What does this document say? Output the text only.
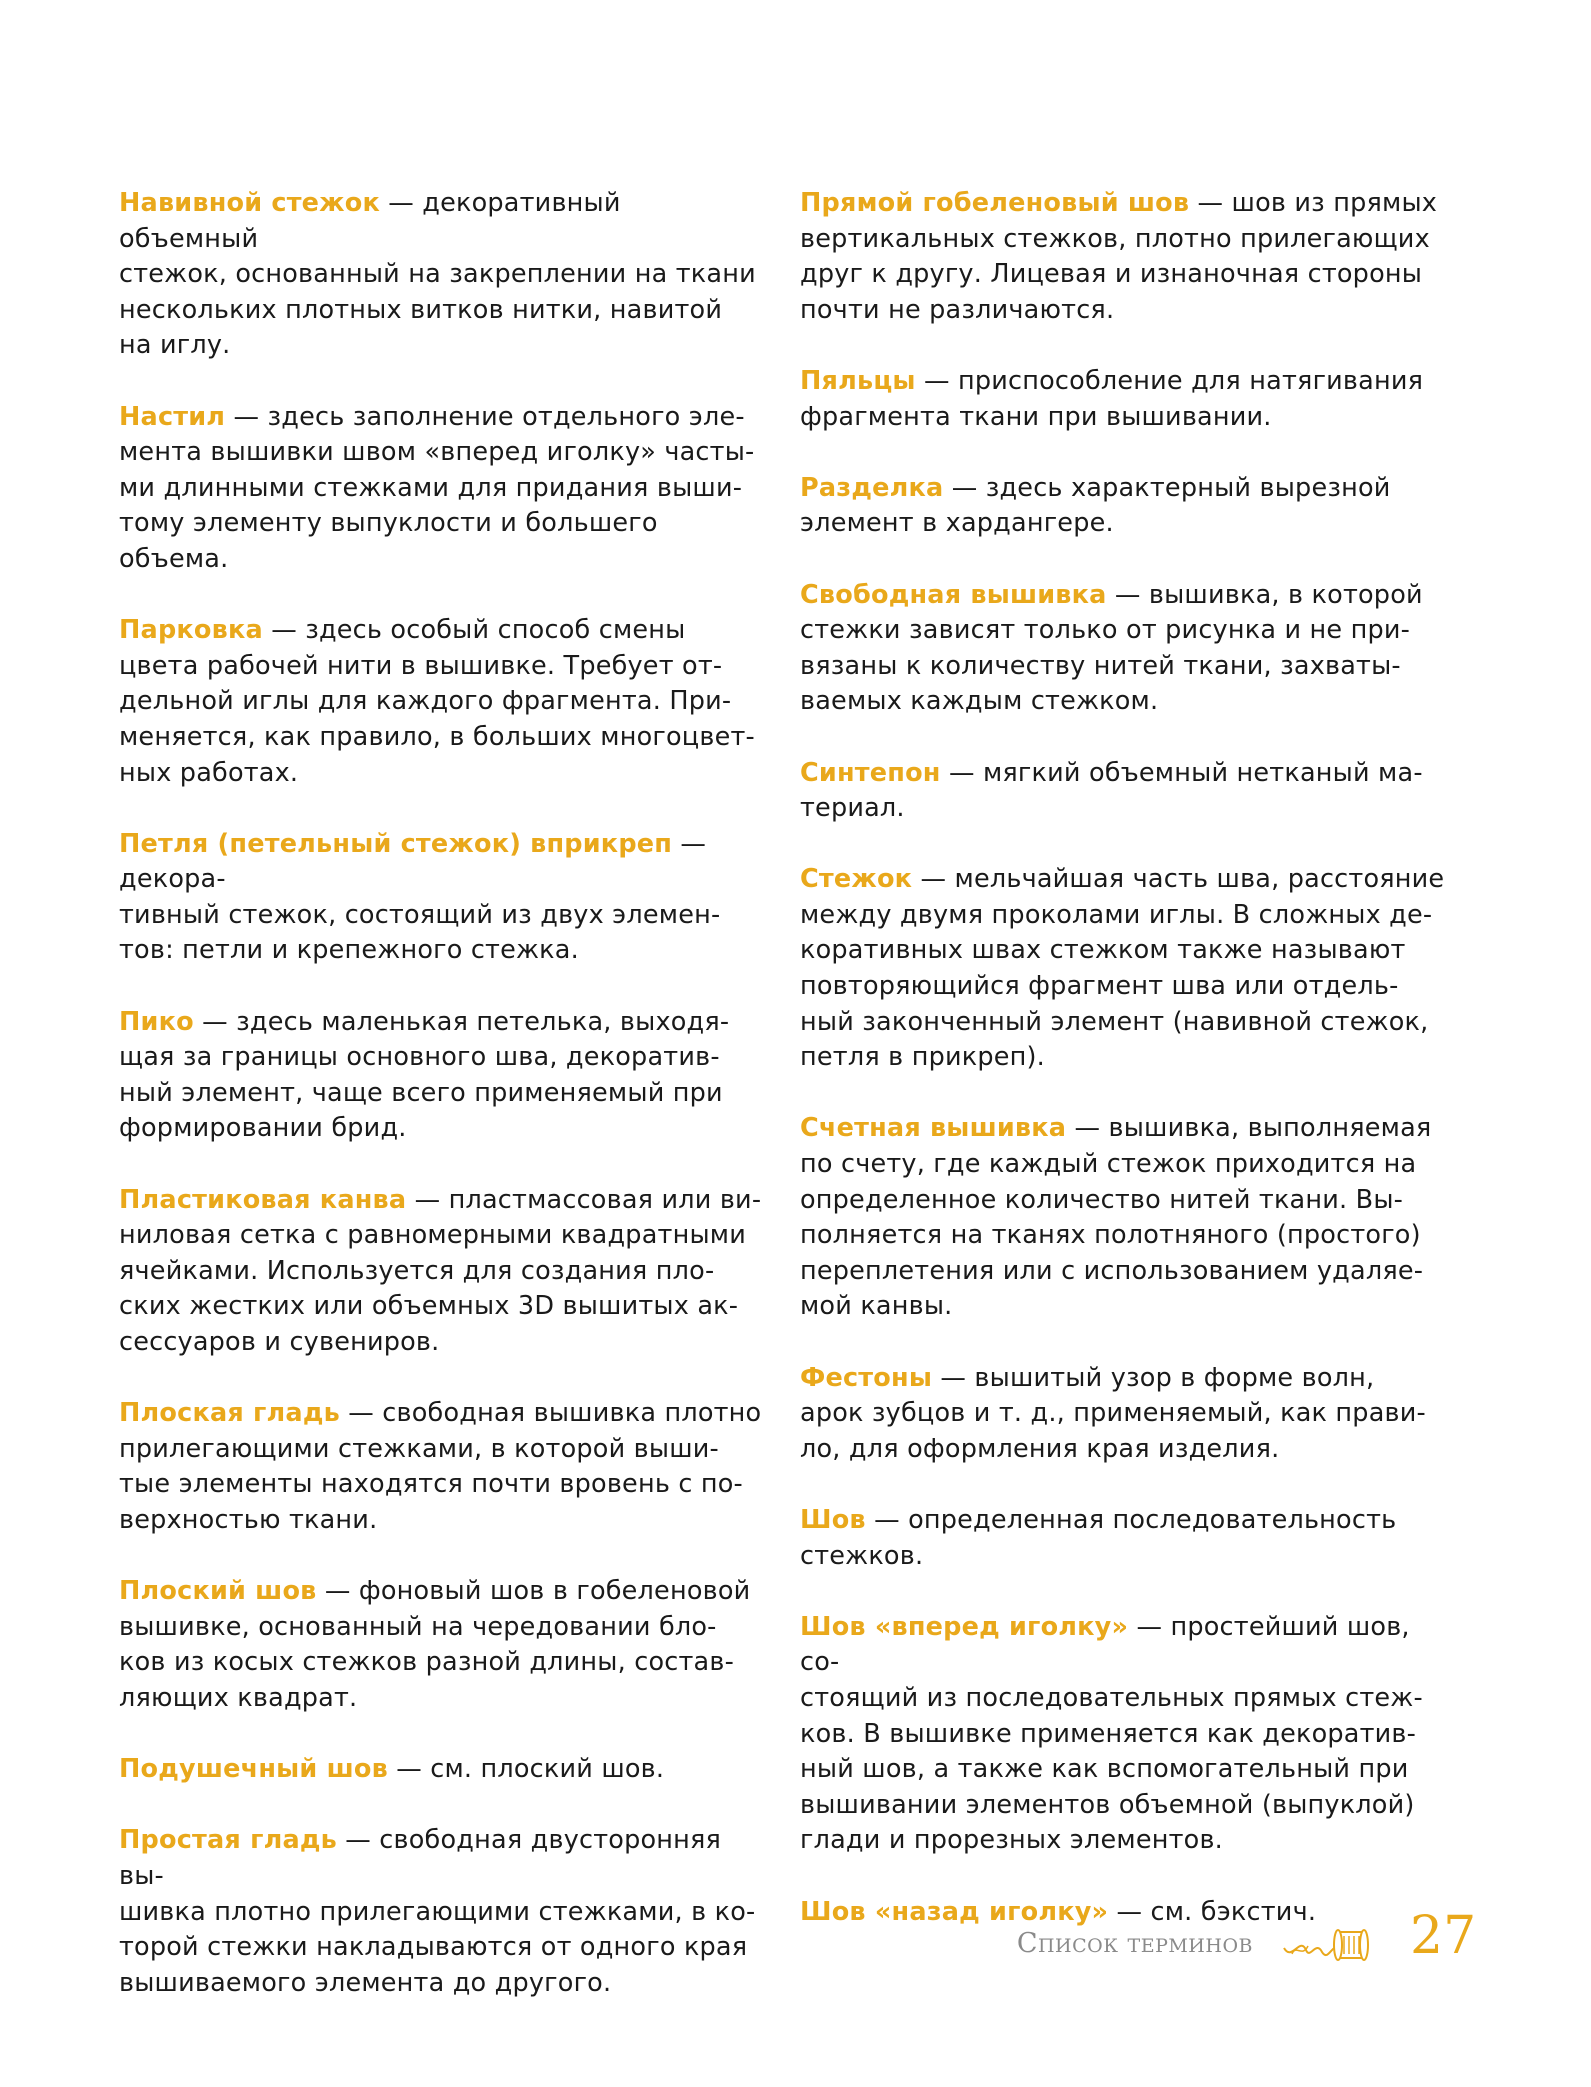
Навивной стежок — декоративный объемный
стежок, основанный на закреплении на ткани
нескольких плотных витков нитки, навитой
на иглу.

Настил — здесь заполнение отдельного эле-
мента вышивки швом «вперед иголку» часты-
ми длинными стежками для придания выши-
тому элементу выпуклости и большего
объема.

Парковка — здесь особый способ смены
цвета рабочей нити в вышивке. Требует от-
дельной иглы для каждого фрагмента. При-
меняется, как правило, в больших многоцвет-
ных работах.

Петля (петельный стежок) вприкреп — декора-
тивный стежок, состоящий из двух элемен-
тов: петли и крепежного стежка.

Пико — здесь маленькая петелька, выходя-
щая за границы основного шва, декоратив-
ный элемент, чаще всего применяемый при
формировании брид.

Пластиковая канва — пластмассовая или ви-
ниловая сетка с равномерными квадратными
ячейками. Используется для создания пло-
ских жестких или объемных 3D вышитых ак-
сессуаров и сувениров.

Плоская гладь — свободная вышивка плотно
прилегающими стежками, в которой выши-
тые элементы находятся почти вровень с по-
верхностью ткани.

Плоский шов — фоновый шов в гобеленовой
вышивке, основанный на чередовании бло-
ков из косых стежков разной длины, состав-
ляющих квадрат.

Подушечный шов — см. плоский шов.

Простая гладь — свободная двусторонняя вы-
шивка плотно прилегающими стежками, в ко-
торой стежки накладываются от одного края
вышиваемого элемента до другого.

Прямой гобеленовый шов — шов из прямых
вертикальных стежков, плотно прилегающих
друг к другу. Лицевая и изнаночная стороны
почти не различаются.

Пяльцы — приспособление для натягивания
фрагмента ткани при вышивании.

Разделка — здесь характерный вырезной
элемент в хардангере.

Свободная вышивка — вышивка, в которой
стежки зависят только от рисунка и не при-
вязаны к количеству нитей ткани, захваты-
ваемых каждым стежком.

Синтепон — мягкий объемный нетканый ма-
териал.

Стежок — мельчайшая часть шва, расстояние
между двумя проколами иглы. В сложных де-
коративных швах стежком также называют
повторяющийся фрагмент шва или отдель-
ный законченный элемент (навивной стежок,
петля в прикреп).

Счетная вышивка — вышивка, выполняемая
по счету, где каждый стежок приходится на
определенное количество нитей ткани. Вы-
полняется на тканях полотняного (простого)
переплетения или с использованием удаляе-
мой канвы.

Фестоны — вышитый узор в форме волн,
арок зубцов и т. д., применяемый, как прави-
ло, для оформления края изделия.

Шов — определенная последовательность
стежков.

Шов «вперед иголку» — простейший шов, со-
стоящий из последовательных прямых стеж-
ков. В вышивке применяется как декоратив-
ный шов, а также как вспомогательный при
вышивании элементов объемной (выпуклой)
глади и прорезных элементов.

Шов «назад иголку» — см. бэкстич.

Список терминов	27
